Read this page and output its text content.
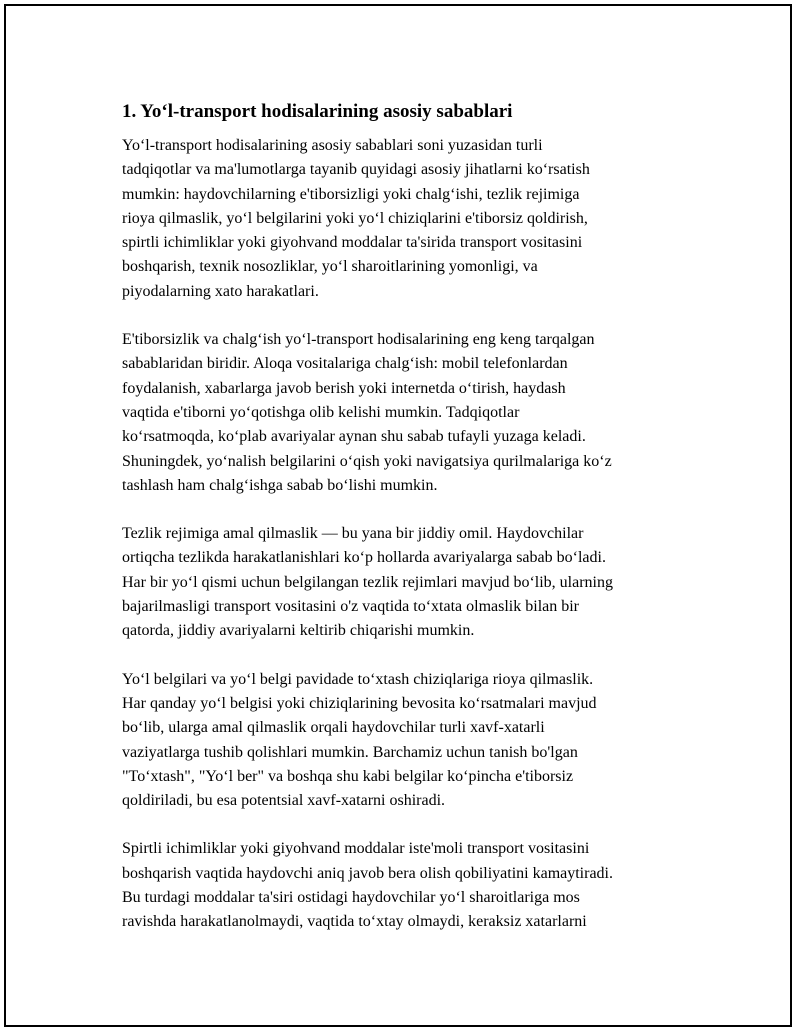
1. Yo‘l-transport hodisalarining asosiy sabablari

Yo‘l-transport hodisalarining asosiy sabablari soni yuzasidan turli
tadqiqotlar va ma'lumotlarga tayanib quyidagi asosiy jihatlarni ko‘rsatish
mumkin: haydovchilarning e'tiborsizligi yoki chalg‘ishi, tezlik rejimiga
rioya qilmaslik, yo‘l belgilarini yoki yo‘l chiziqlarini e'tiborsiz qoldirish,
spirtli ichimliklar yoki giyohvand moddalar ta'sirida transport vositasini
boshqarish, texnik nosozliklar, yo‘l sharoitlarining yomonligi, va
piyodalarning xato harakatlari.

E'tiborsizlik va chalg‘ish yo‘l-transport hodisalarining eng keng tarqalgan
sabablaridan biridir. Aloqa vositalariga chalg‘ish: mobil telefonlardan
foydalanish, xabarlarga javob berish yoki internetda o‘tirish, haydash
vaqtida e'tiborni yo‘qotishga olib kelishi mumkin. Tadqiqotlar
ko‘rsatmoqda, ko‘plab avariyalar aynan shu sabab tufayli yuzaga keladi.
Shuningdek, yo‘nalish belgilarini o‘qish yoki navigatsiya qurilmalariga ko‘z
tashlash ham chalg‘ishga sabab bo‘lishi mumkin.

Tezlik rejimiga amal qilmaslik — bu yana bir jiddiy omil. Haydovchilar
ortiqcha tezlikda harakatlanishlari ko‘p hollarda avariyalarga sabab bo‘ladi.
Har bir yo‘l qismi uchun belgilangan tezlik rejimlari mavjud bo‘lib, ularning
bajarilmasligi transport vositasini o'z vaqtida to‘xtata olmaslik bilan bir
qatorda, jiddiy avariyalarni keltirib chiqarishi mumkin.

Yo‘l belgilari va yo‘l belgi pavidade to‘xtash chiziqlariga rioya qilmaslik.
Har qanday yo‘l belgisi yoki chiziqlarining bevosita ko‘rsatmalari mavjud
bo‘lib, ularga amal qilmaslik orqali haydovchilar turli xavf-xatarli
vaziyatlarga tushib qolishlari mumkin. Barchamiz uchun tanish bo'lgan
"To‘xtash", "Yo‘l ber" va boshqa shu kabi belgilar ko‘pincha e'tiborsiz
qoldiriladi, bu esa potentsial xavf-xatarni oshiradi.

Spirtli ichimliklar yoki giyohvand moddalar iste'moli transport vositasini
boshqarish vaqtida haydovchi aniq javob bera olish qobiliyatini kamaytiradi.
Bu turdagi moddalar ta'siri ostidagi haydovchilar yo‘l sharoitlariga mos
ravishda harakatlanolmaydi, vaqtida to‘xtay olmaydi, keraksiz xatarlarni
